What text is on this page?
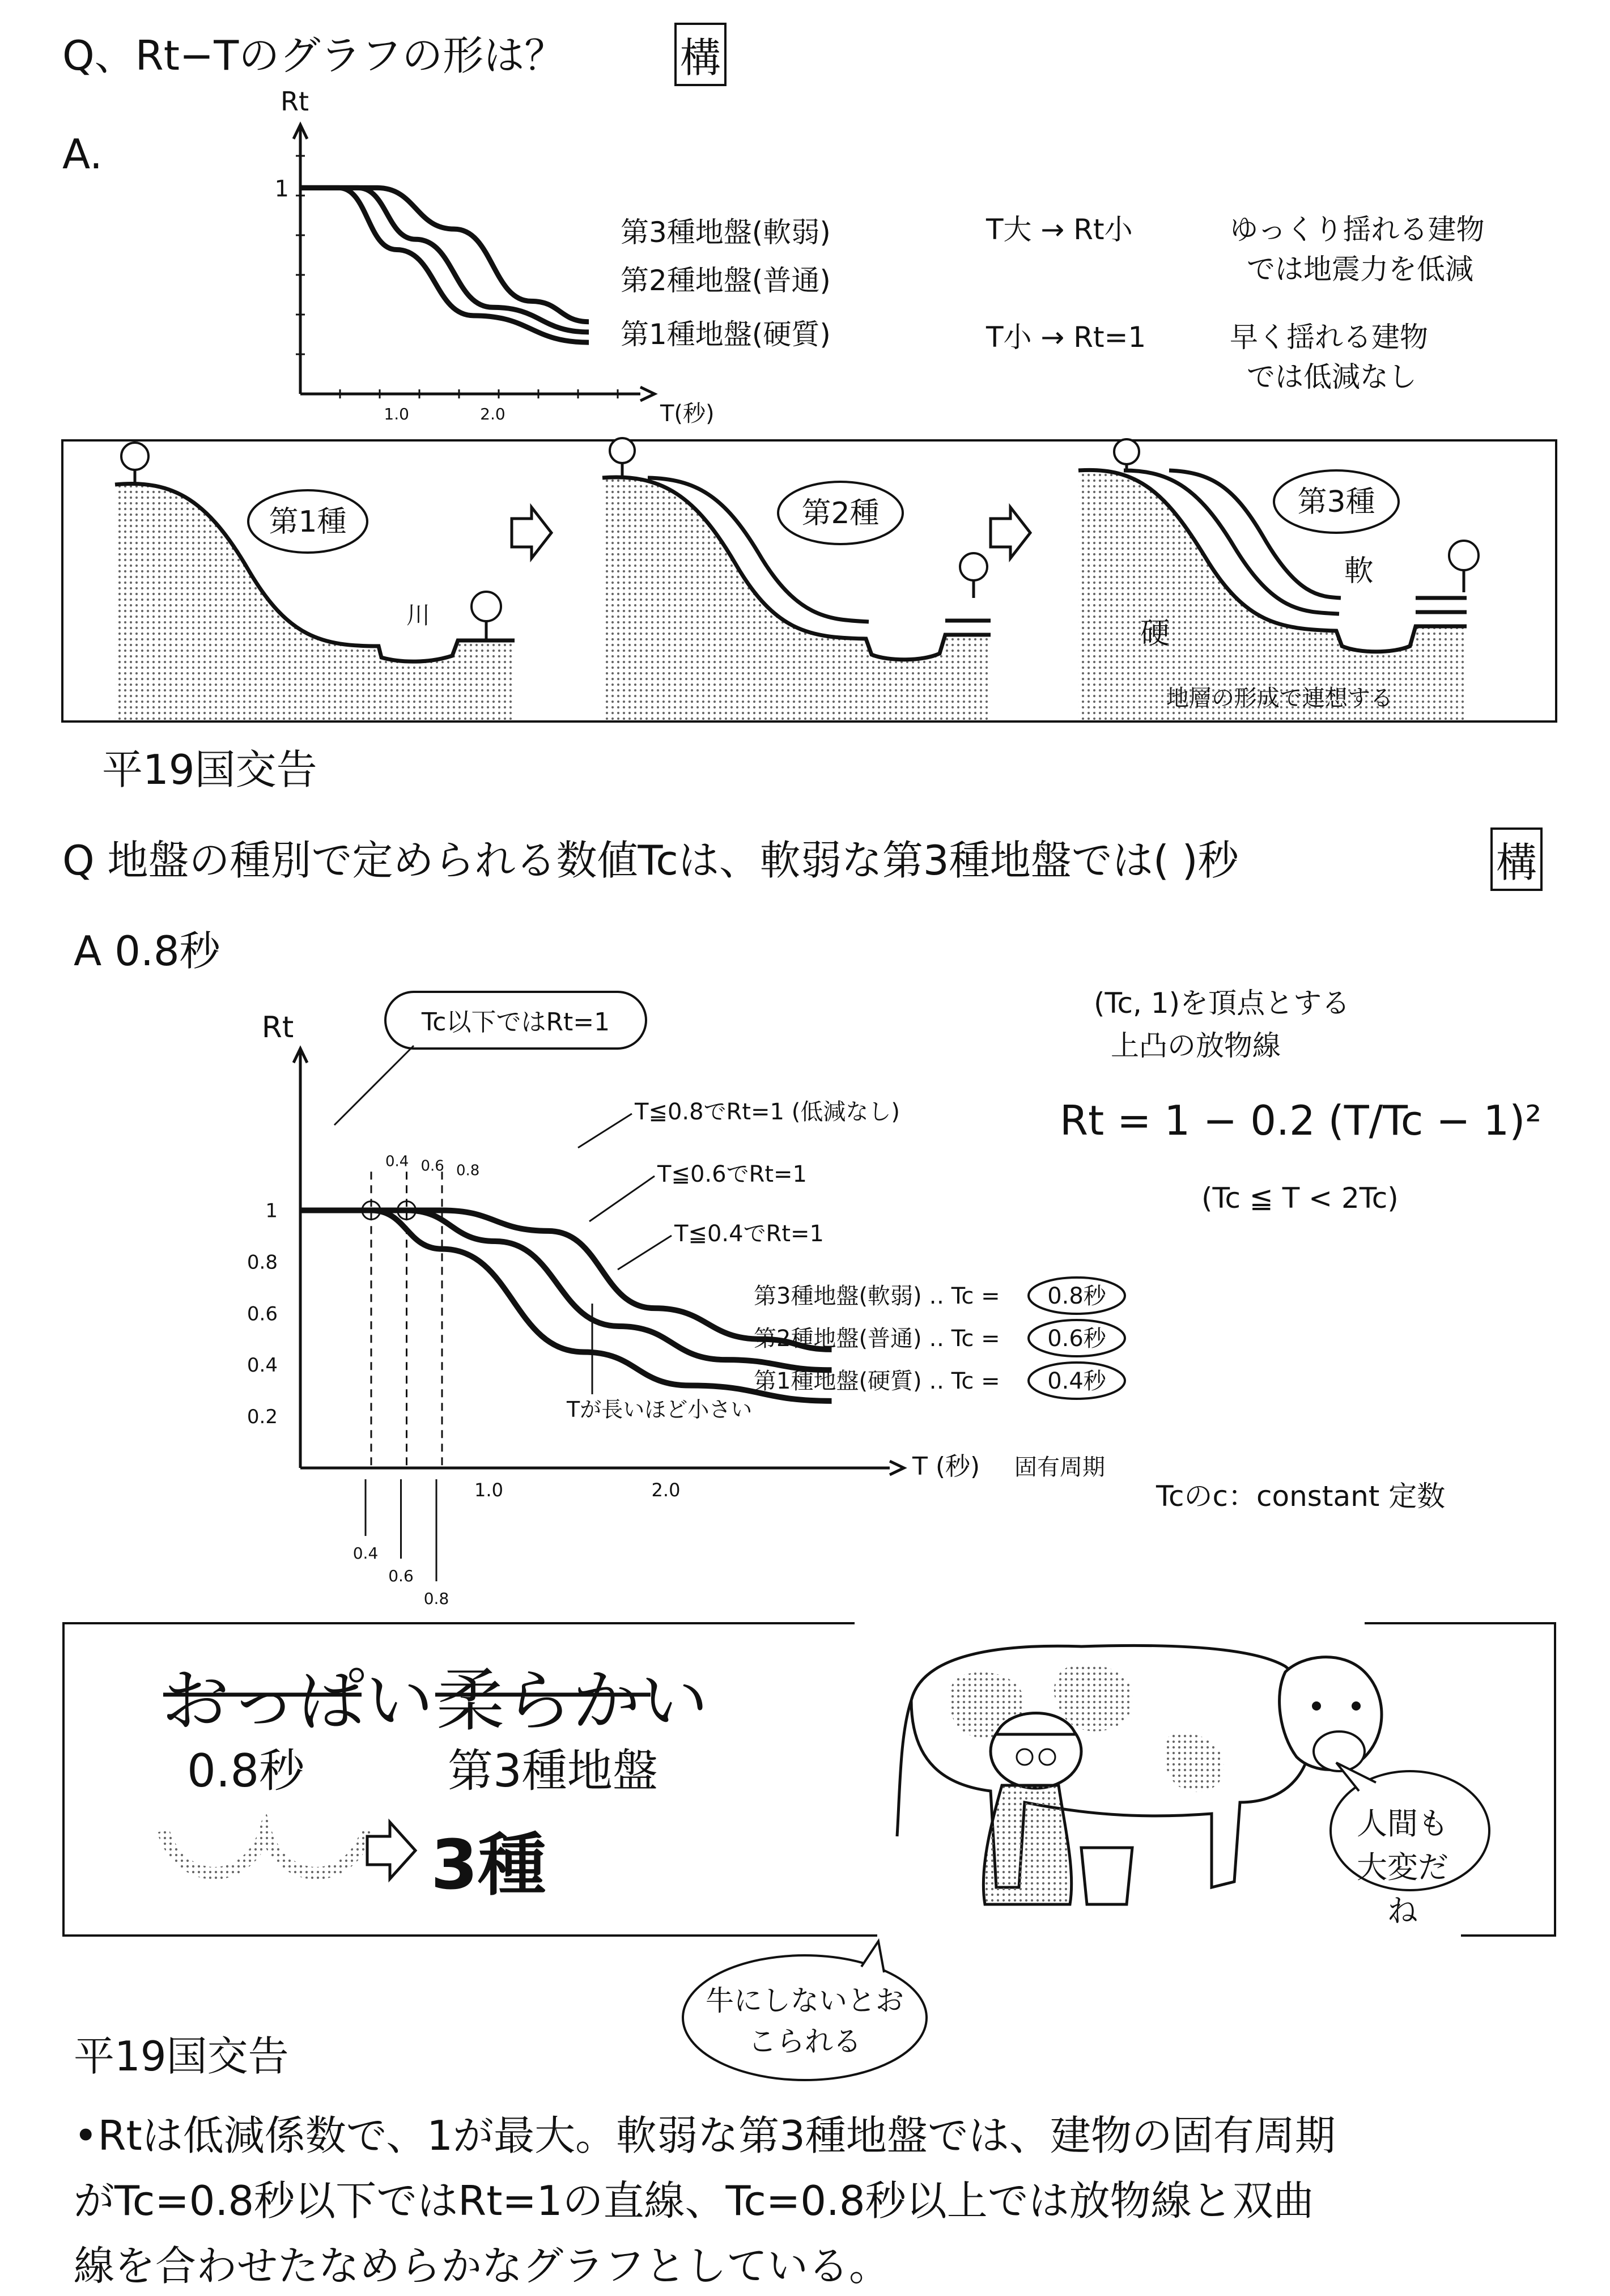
Q、Rt−Tのグラフの形は？	構
A.
Rt
T(秒)
1
1.0	2.0
T大 → Rt小	ゆっくり揺れる建物
では地震力を低減
T小 → Rt=1	早く揺れる建物
では低減なし
第1種	第2種	第3種
川
軟
硬
地層の形成で連想する
平19国交告
Q 地盤の種別で定められる数値Tcは、軟弱な第3種地盤では( )秒	構
A 0.8秒
Rt
T (秒) 固有周期
1
0.8
0.6
0.4
0.2
1.0	2.0
0.4
0.4
0.6
0.6
0.8
0.8
Tc以下ではRt=1
T≦0.8でRt=1 (低減なし)
T≦0.6でRt=1
T≦0.4でRt=1
Tが長いほど小さい
第3種地盤(軟弱) ‥ Tc = 0.8秒
第2種地盤(普通) ‥ Tc = 0.6秒
第1種地盤(硬質) ‥ Tc = 0.4秒
(Tc, 1)を頂点とする
上凸の放物線
Rt = 1 − 0.2 (T/Tc − 1)²
(Tc ≦ T < 2Tc)
Tcのc：constant 定数
おっぱい 柔らかい
0.8秒	第3種地盤
3種
人間も大変だね
牛にしないとおこられる
平19国交告
•Rtは低減係数で、1が最大。軟弱な第3種地盤では、建物の固有周期
がTc=0.8秒以下ではRt=1の直線、Tc=0.8秒以上では放物線と双曲
線を合わせたなめらかなグラフとしている。
第3種地盤(軟弱)
第2種地盤(普通)
第1種地盤(硬質)
